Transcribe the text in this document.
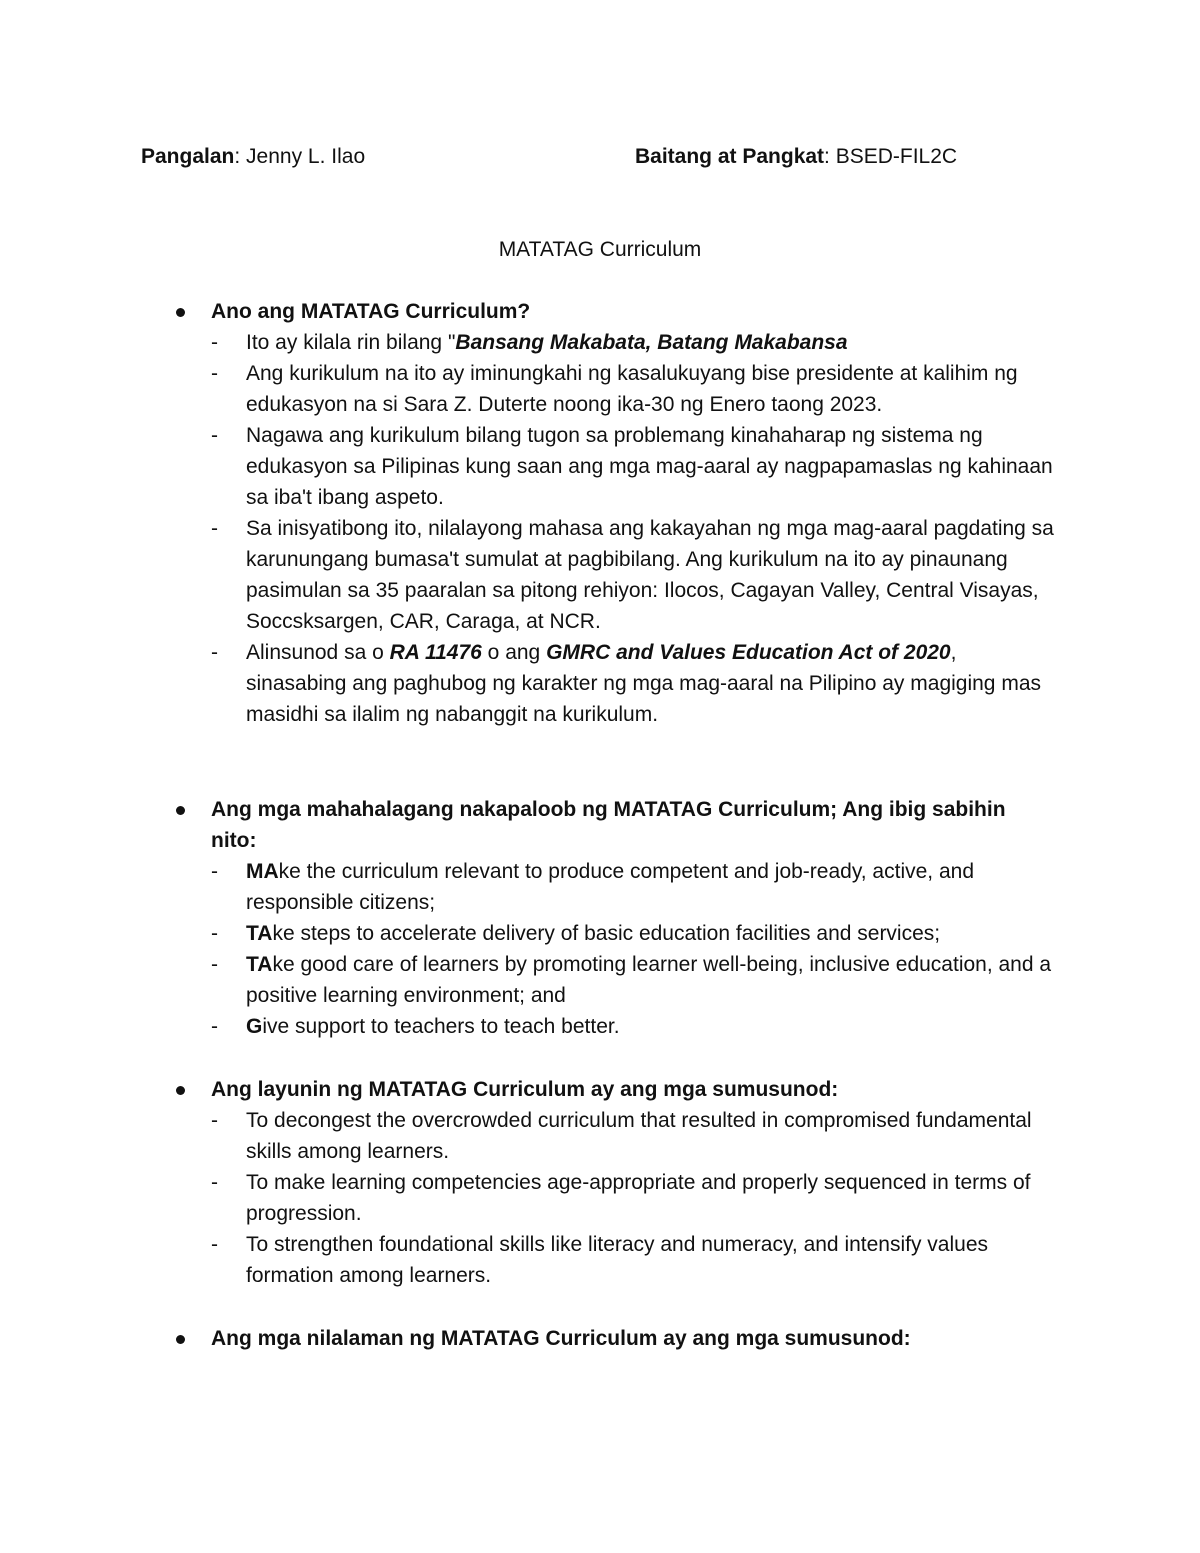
Pangalan: Jenny L. Ilao	Baitang at Pangkat: BSED-FIL2C
MATATAG Curriculum
Ano ang MATATAG Curriculum?
- Ito ay kilala rin bilang "Bansang Makabata, Batang Makabansa
- Ang kurikulum na ito ay iminungkahi ng kasalukuyang bise presidente at kalihim ng edukasyon na si Sara Z. Duterte noong ika-30 ng Enero taong 2023.
- Nagawa ang kurikulum bilang tugon sa problemang kinahaharap ng sistema ng edukasyon sa Pilipinas kung saan ang mga mag-aaral ay nagpapamaslas ng kahinaan sa iba't ibang aspeto.
- Sa inisyatibong ito, nilalayong mahasa ang kakayahan ng mga mag-aaral pagdating sa karunungang bumasa't sumulat at pagbibilang. Ang kurikulum na ito ay pinaunang pasimulan sa 35 paaralan sa pitong rehiyon: Ilocos, Cagayan Valley, Central Visayas, Soccsksargen, CAR, Caraga, at NCR.
- Alinsunod sa o RA 11476 o ang GMRC and Values Education Act of 2020, sinasabing ang paghubog ng karakter ng mga mag-aaral na Pilipino ay magiging mas masidhi sa ilalim ng nabanggit na kurikulum.
Ang mga mahahalagang nakapaloob ng MATATAG Curriculum; Ang ibig sabihin nito:
- MAke the curriculum relevant to produce competent and job-ready, active, and responsible citizens;
- TAke steps to accelerate delivery of basic education facilities and services;
- TAke good care of learners by promoting learner well-being, inclusive education, and a positive learning environment; and
- Give support to teachers to teach better.
Ang layunin ng MATATAG Curriculum ay ang mga sumusunod:
- To decongest the overcrowded curriculum that resulted in compromised fundamental skills among learners.
- To make learning competencies age-appropriate and properly sequenced in terms of progression.
- To strengthen foundational skills like literacy and numeracy, and intensify values formation among learners.
Ang mga nilalaman ng MATATAG Curriculum ay ang mga sumusunod:
